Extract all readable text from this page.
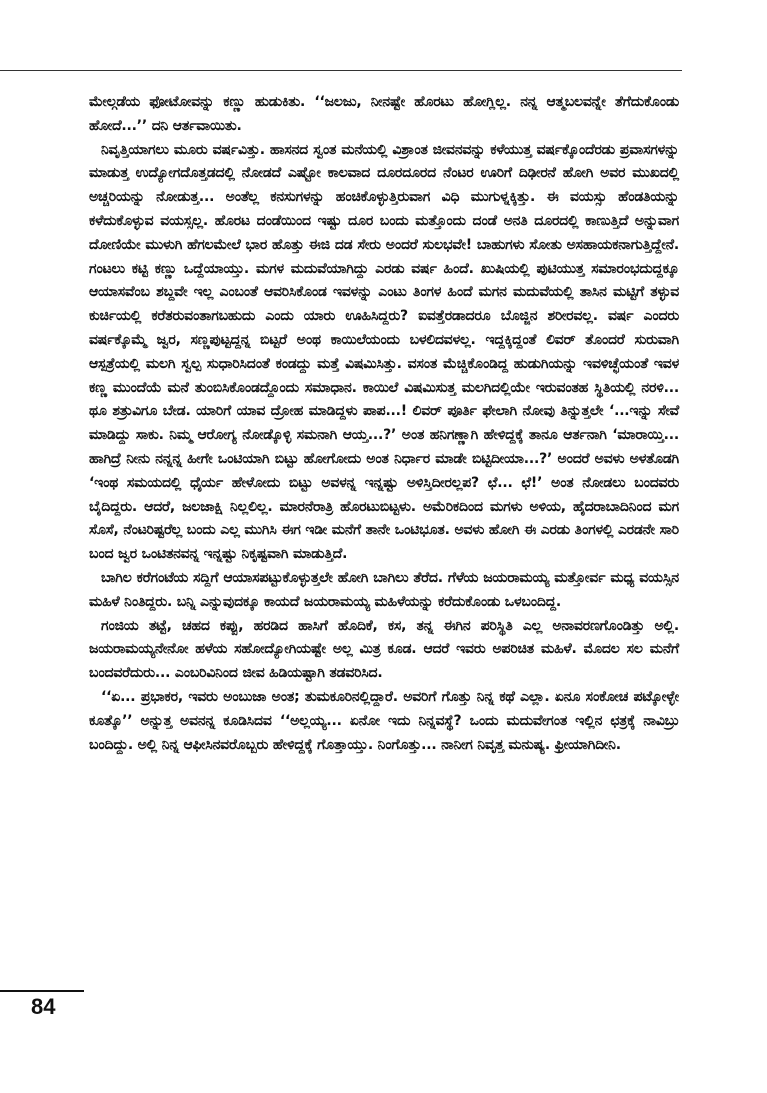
ಮೇಲ್ಗಡೆಯ ಫೋಟೋವನ್ನು ಕಣ್ಣು ಹುಡುಕಿತು. ‘‘ಜಲಜು, ನೀನಷ್ಟೇ ಹೊರಟು ಹೋಗ್ಲಿಲ್ಲ. ನನ್ನ ಆತ್ಮಬಲವನ್ನೇ ತೆಗೆದುಕೊಂಡು ಹೋದೆ...’’ ದನಿ ಆರ್ತವಾಯಿತು.

ನಿವೃತ್ತಿಯಾಗಲು ಮೂರು ವರ್ಷವಿತ್ತು. ಹಾಸನದ ಸ್ವಂತ ಮನೆಯಲ್ಲಿ ವಿಶ್ರಾಂತ ಜೀವನವನ್ನು ಕಳೆಯುತ್ತ ವರ್ಷಕ್ಕೊಂದೆರಡು ಪ್ರವಾಸಗಳನ್ನು ಮಾಡುತ್ತ ಉದ್ಯೋಗದೊತ್ತಡದಲ್ಲಿ ನೋಡದೆ ಎಷ್ಟೋ ಕಾಲವಾದ ದೂರದೂರದ ನೆಂಟರ ಊರಿಗೆ ದಿಢೀರನೆ ಹೋಗಿ ಅವರ ಮುಖದಲ್ಲಿ ಅಚ್ಚರಿಯನ್ನು ನೋಡುತ್ತ... ಅಂತೆಲ್ಲ ಕನಸುಗಳನ್ನು ಹಂಚಿಕೊಳ್ಳುತ್ತಿರುವಾಗ ವಿಧಿ ಮುಗುಳ್ನಕ್ಕಿತ್ತು. ಈ ವಯಸ್ಸು ಹೆಂಡತಿಯನ್ನು ಕಳೆದುಕೊಳ್ಳುವ ವಯಸ್ಸಲ್ಲ. ಹೊರಟ ದಂಡೆಯಿಂದ ಇಷ್ಟು ದೂರ ಬಂದು ಮತ್ತೊಂದು ದಂಡೆ ಅನತಿ ದೂರದಲ್ಲಿ ಕಾಣುತ್ತಿದೆ ಅನ್ನುವಾಗ ದೋಣಿಯೇ ಮುಳುಗಿ ಹೆಗಲಮೇಲೆ ಭಾರ ಹೊತ್ತು ಈಜಿ ದಡ ಸೇರು ಅಂದರೆ ಸುಲಭವೇ! ಬಾಹುಗಳು ಸೋತು ಅಸಹಾಯಕನಾಗುತ್ತಿದ್ದೇನೆ. ಗಂಟಲು ಕಟ್ಟಿ ಕಣ್ಣು ಒದ್ದೆಯಾಯ್ತು. ಮಗಳ ಮದುವೆಯಾಗಿದ್ದು ಎರಡು ವರ್ಷ ಹಿಂದೆ. ಖುಷಿಯಲ್ಲಿ ಪುಟಿಯುತ್ತ ಸಮಾರಂಭದುದ್ದಕ್ಕೂ ಆಯಾಸವೆಂಬ ಶಬ್ದವೇ ಇಲ್ಲ ಎಂಬಂತೆ ಆವರಿಸಿಕೊಂಡ ಇವಳನ್ನು ಎಂಟು ತಿಂಗಳ ಹಿಂದೆ ಮಗನ ಮದುವೆಯಲ್ಲಿ ತಾಸಿನ ಮಟ್ಟಿಗೆ ತಳ್ಳುವ ಕುರ್ಚಿಯಲ್ಲಿ ಕರೆತರುವಂತಾಗಬಹುದು ಎಂದು ಯಾರು ಊಹಿಸಿದ್ದರು? ಐವತ್ತೆರಡಾದರೂ ಬೊಜ್ಜಿನ ಶರೀರವಲ್ಲ. ವರ್ಷ ಎಂದರು ವರ್ಷಕ್ಕೊಮ್ಮೆ ಜ್ವರ, ಸಣ್ಣಪುಟ್ಟದ್ದನ್ನ ಬಿಟ್ಟರೆ ಅಂಥ ಕಾಯಿಲೆಯಂದು ಬಳಲಿದವಳಲ್ಲ. ಇದ್ದಕ್ಕಿದ್ದಂತೆ ಲಿವರ್ ತೊಂದರೆ ಸುರುವಾಗಿ ಆಸ್ಪತ್ರೆಯಲ್ಲಿ ಮಲಗಿ ಸ್ವಲ್ಪ ಸುಧಾರಿಸಿದಂತೆ ಕಂಡದ್ದು ಮತ್ತೆ ವಿಷಮಿಸಿತ್ತು. ವಸಂತ ಮೆಚ್ಚಿಕೊಂಡಿದ್ದ ಹುಡುಗಿಯನ್ನು ಇವಳಿಚ್ಛೆಯಂತೆ ಇವಳ ಕಣ್ಣ ಮುಂದೆಯೆ ಮನೆ ತುಂಬಿಸಿಕೊಂಡದ್ದೊಂದು ಸಮಾಧಾನ. ಕಾಯಿಲೆ ವಿಷಮಿಸುತ್ತ ಮಲಗಿದಲ್ಲಿಯೇ ಇರುವಂತಹ ಸ್ಥಿತಿಯಲ್ಲಿ ನರಳಿ... ಥೂ ಶತ್ರುವಿಗೂ ಬೇಡ. ಯಾರಿಗೆ ಯಾವ ದ್ರೋಹ ಮಾಡಿದ್ದಳು ಪಾಪ...! ಲಿವರ್ ಪೂರ್ತಿ ಫೇಲಾಗಿ ನೋವು ತಿನ್ನುತ್ತಲೇ ‘...ಇನ್ನು ಸೇವೆ ಮಾಡಿದ್ದು ಸಾಕು. ನಿಮ್ಮ ಆರೋಗ್ಯ ನೋಡ್ಕೊಳ್ಳಿ ಸಮನಾಗಿ ಆಯ್ತ...?’ ಅಂತ ಹನಿಗಣ್ಣಾಗಿ ಹೇಳಿದ್ದಕ್ಕೆ ತಾನೂ ಆರ್ತನಾಗಿ ‘ಮಾರಾಯ್ತಿ... ಹಾಗಿದ್ರೆ ನೀನು ನನ್ನನ್ನ ಹೀಗೇ ಒಂಟಿಯಾಗಿ ಬಿಟ್ಟು ಹೋಗೋದು ಅಂತ ನಿರ್ಧಾರ ಮಾಡೇ ಬಿಟ್ಟಿದೀಯಾ...?’ ಅಂದರೆ ಅವಳು ಅಳತೊಡಗಿ ‘ಇಂಥ ಸಮಯದಲ್ಲಿ ಧೈರ್ಯ ಹೇಳೋದು ಬಿಟ್ಟು ಅವಳನ್ನ ಇನ್ನಷ್ಟು ಅಳಿಸ್ತಿದೀರಲ್ಲಪ? ಛೆ... ಛೆ!’ ಅಂತ ನೋಡಲು ಬಂದವರು ಬೈದಿದ್ದರು. ಆದರೆ, ಜಲಜಾಕ್ಷಿ ನಿಲ್ಲಲಿಲ್ಲ. ಮಾರನೆರಾತ್ರಿ ಹೊರಟುಬಿಟ್ಟಳು. ಅಮೆರಿಕದಿಂದ ಮಗಳು ಅಳಿಯ, ಹೈದರಾಬಾದಿನಿಂದ ಮಗ ಸೊಸೆ, ನೆಂಟರಿಷ್ಟರೆಲ್ಲ ಬಂದು ಎಲ್ಲ ಮುಗಿಸಿ ಈಗ ಇಡೀ ಮನೆಗೆ ತಾನೇ ಒಂಟಿಭೂತ. ಅವಳು ಹೋಗಿ ಈ ಎರಡು ತಿಂಗಳಲ್ಲಿ ಎರಡನೇ ಸಾರಿ ಬಂದ ಜ್ವರ ಒಂಟಿತನವನ್ನ ಇನ್ನಷ್ಟು ನಿಕೃಷ್ಟವಾಗಿ ಮಾಡುತ್ತಿದೆ.

ಬಾಗಿಲ ಕರೆಗಂಟೆಯ ಸದ್ದಿಗೆ ಆಯಾಸಪಟ್ಟುಕೊಳ್ಳುತ್ತಲೇ ಹೋಗಿ ಬಾಗಿಲು ತೆರೆದ. ಗೆಳೆಯ ಜಯರಾಮಯ್ಯ ಮತ್ತೋರ್ವ ಮಧ್ಯ ವಯಸ್ಸಿನ ಮಹಿಳೆ ನಿಂತಿದ್ದರು. ಬನ್ನಿ ಎನ್ನುವುದಕ್ಕೂ ಕಾಯದೆ ಜಯರಾಮಯ್ಯ ಮಹಿಳೆಯನ್ನು ಕರೆದುಕೊಂಡು ಒಳಬಂದಿದ್ದ.

ಗಂಜಿಯ ತಟ್ಟೆ, ಚಹದ ಕಪ್ಪು, ಹರಡಿದ ಹಾಸಿಗೆ ಹೊದಿಕೆ, ಕಸ, ತನ್ನ ಈಗಿನ ಪರಿಸ್ಥಿತಿ ಎಲ್ಲ ಅನಾವರಣಗೊಂಡಿತ್ತು ಅಲ್ಲಿ. ಜಯರಾಮಯ್ಯನೇನೋ ಹಳೆಯ ಸಹೋದ್ಯೋಗಿಯಷ್ಟೇ ಅಲ್ಲ ಮಿತ್ರ ಕೂಡ. ಆದರೆ ಇವರು ಅಪರಿಚಿತ ಮಹಿಳೆ. ಮೊದಲ ಸಲ ಮನೆಗೆ ಬಂದವರೆದುರು... ಎಂಬರಿವಿನಿಂದ ಜೀವ ಹಿಡಿಯಷ್ಟಾಗಿ ತಡವರಿಸಿದ.

‘‘ಏ... ಪ್ರಭಾಕರ, ಇವರು ಅಂಬುಜಾ ಅಂತ; ತುಮಕೂರಿನಲ್ಲಿದ್ದಾರೆ. ಅವರಿಗೆ ಗೊತ್ತು ನಿನ್ನ ಕಥೆ ಎಲ್ಲಾ. ಏನೂ ಸಂಕೋಚ ಪಟ್ಕೋಳ್ಳೇ ಕೂತ್ಕೊ’’ ಅನ್ನುತ್ತ ಅವನನ್ನ ಕೂಡಿಸಿದವ ‘‘ಅಲ್ಲಯ್ಯ... ಏನೋ ಇದು ನಿನ್ನವಸ್ಥೆ? ಒಂದು ಮದುವೇಗಂತ ಇಲ್ಲಿನ ಛತ್ರಕ್ಕೆ ನಾವಿಬ್ರು ಬಂದಿದ್ದು. ಅಲ್ಲಿ ನಿನ್ನ ಆಫೀಸಿನವರೊಬ್ಬರು ಹೇಳಿದ್ದಕ್ಕೆ ಗೊತ್ತಾಯ್ತು. ನಿಂಗೊತ್ತು... ನಾನೀಗ ನಿವೃತ್ತ ಮನುಷ್ಯ. ಫ್ರೀಯಾಗಿದೀನಿ.

84
